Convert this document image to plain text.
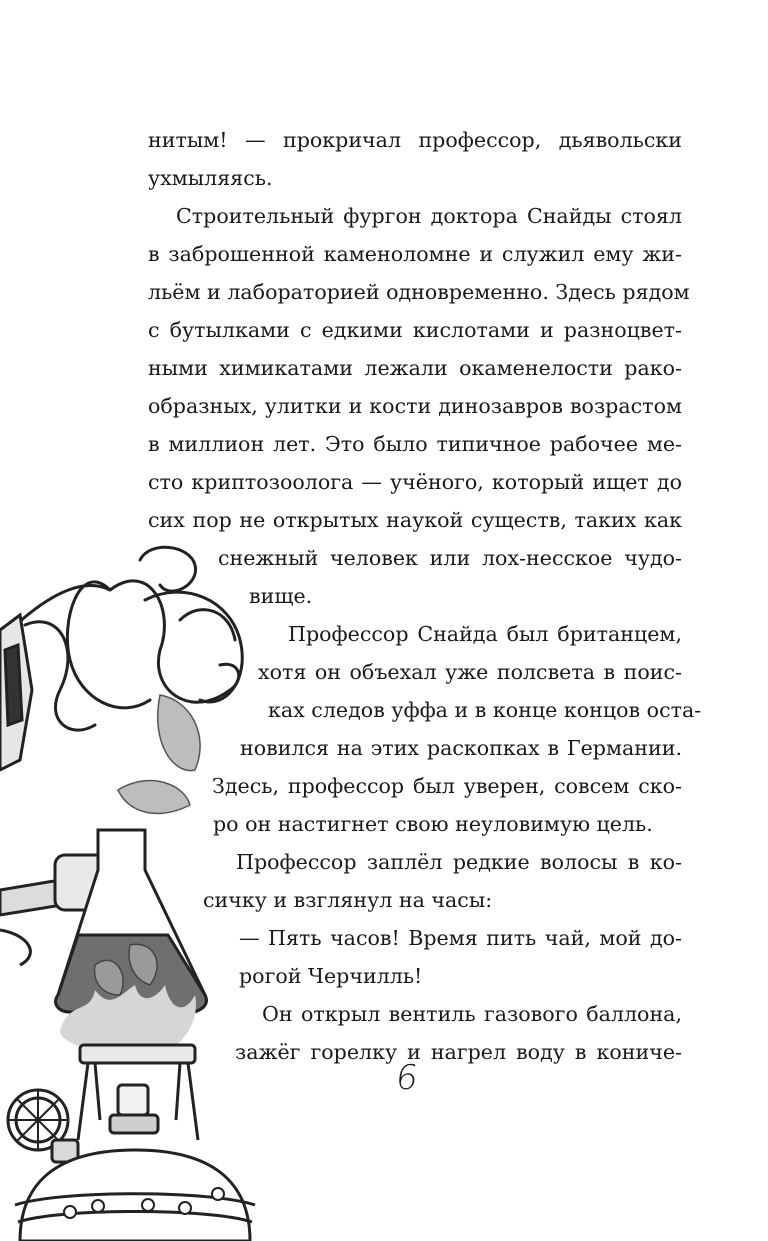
нитым! — прокричал профессор, дьявольски
ухмыляясь.
Строительный фургон доктора Снайды стоял
в заброшенной каменоломне и служил ему жи-
льём и лабораторией одновременно. Здесь рядом
с бутылками с едкими кислотами и разноцвет-
ными химикатами лежали окаменелости рако-
образных, улитки и кости динозавров возрастом
в миллион лет. Это было типичное рабочее ме-
сто криптозоолога — учёного, который ищет до
сих пор не открытых наукой существ, таких как
снежный человек или лох-несское чудо-
вище.
Профессор Снайда был британцем,
хотя он объехал уже полсвета в поис-
ках следов уффа и в конце концов оста-
новился на этих раскопках в Германии.
Здесь, профессор был уверен, совсем ско-
ро он настигнет свою неуловимую цель.
Профессор заплёл редкие волосы в ко-
сичку и взглянул на часы:
— Пять часов! Время пить чай, мой до-
рогой Черчилль!
Он открыл вентиль газового баллона,
зажёг горелку и нагрел воду в кониче-
6
